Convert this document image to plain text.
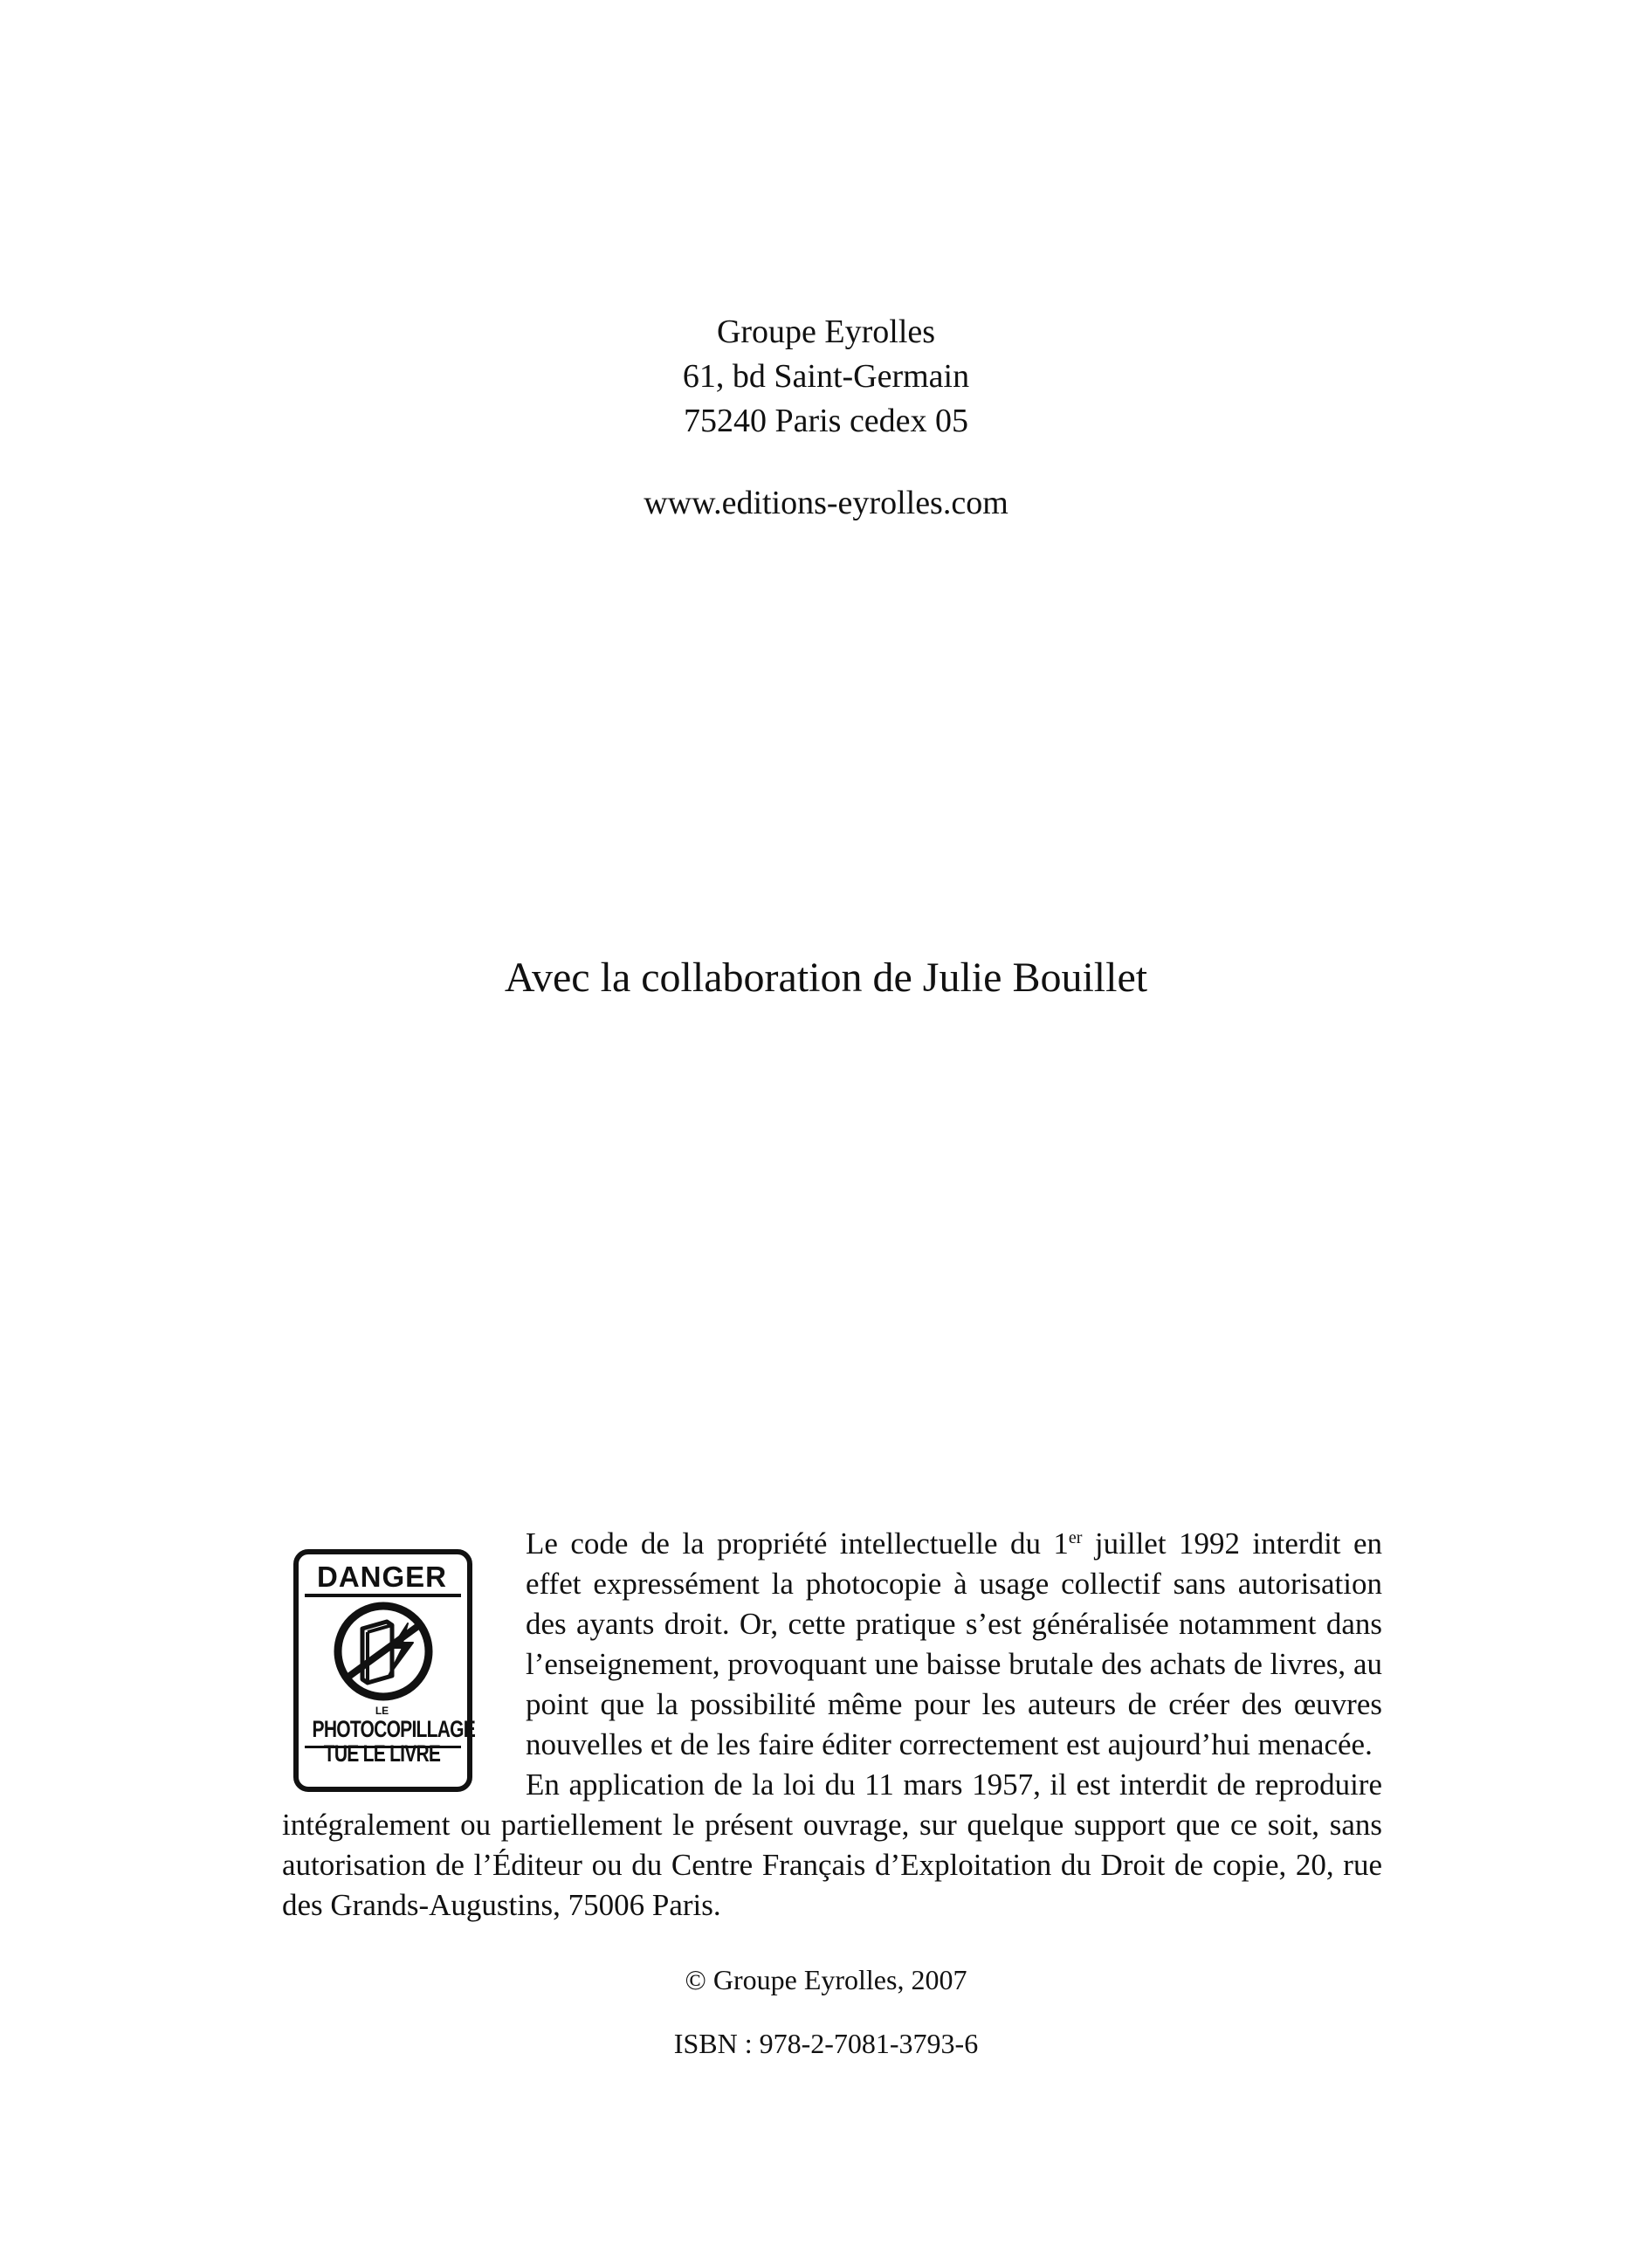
Groupe Eyrolles
61, bd Saint-Germain
75240 Paris cedex 05
www.editions-eyrolles.com
Avec la collaboration de Julie Bouillet
DANGER
LE
PHOTOCOPILLAGE
TUE LE LIVRE

Le code de la propriété intellectuelle du 1er juillet 1992 interdit en effet expressément la photocopie à usage collectif sans autorisation des ayants droit. Or, cette pratique s’est généralisée notamment dans l’enseignement, provoquant une baisse brutale des achats de livres, au point que la possibilité même pour les auteurs de créer des œuvres nouvelles et de les faire éditer correctement est aujourd’hui menacée.

En application de la loi du 11 mars 1957, il est interdit de reproduire intégralement ou partiellement le présent ouvrage, sur quelque support que ce soit, sans autorisation de l’Éditeur ou du Centre Français d’Exploitation du Droit de copie, 20, rue des Grands-Augustins, 75006 Paris.

© Groupe Eyrolles, 2007
ISBN : 978-2-7081-3793-6
